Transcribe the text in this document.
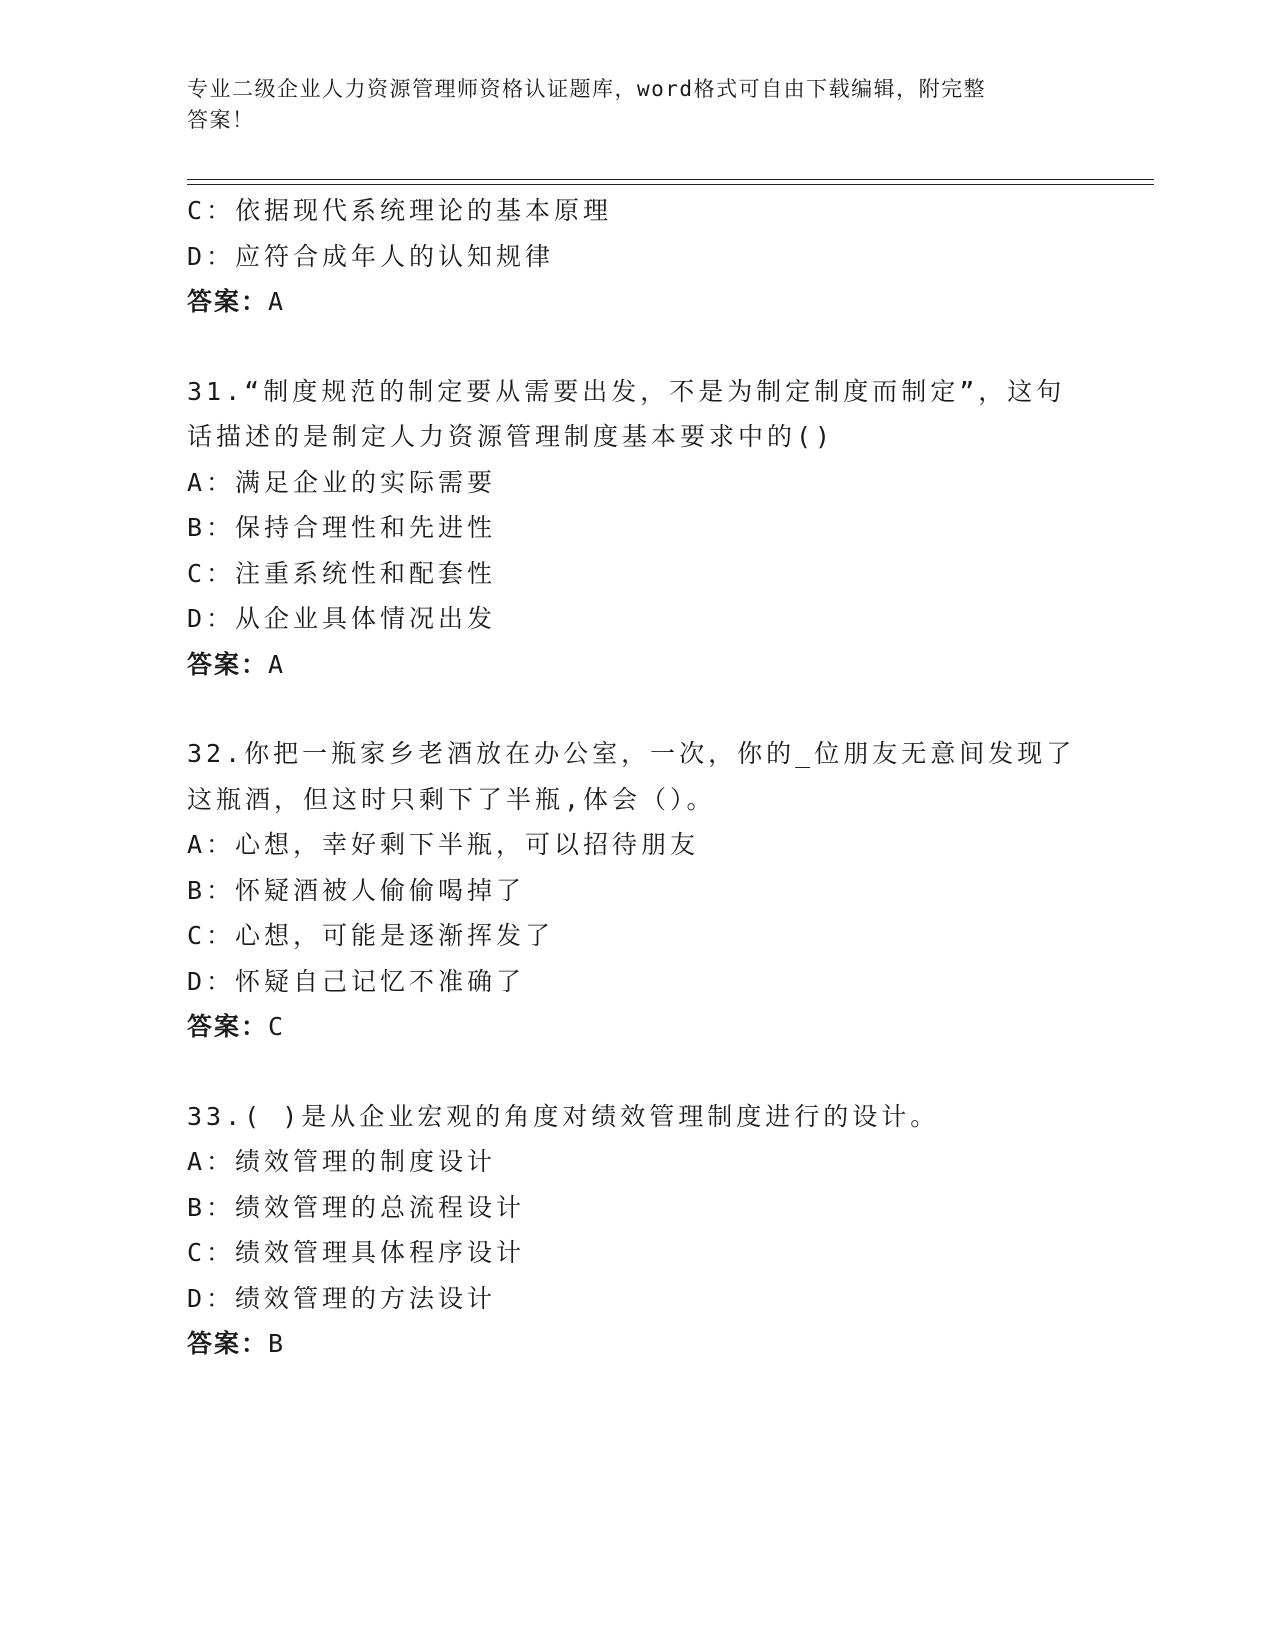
专业二级企业人力资源管理师资格认证题库，word格式可自由下载编辑，附完整
答案！
C：依据现代系统理论的基本原理
D：应符合成年人的认知规律
答案：A
31.“制度规范的制定要从需要出发，不是为制定制度而制定”，这句
话描述的是制定人力资源管理制度基本要求中的()
A：满足企业的实际需要
B：保持合理性和先进性
C：注重系统性和配套性
D：从企业具体情况出发
答案：A
32.你把一瓶家乡老酒放在办公室，一次，你的_位朋友无意间发现了
这瓶酒，但这时只剩下了半瓶,体会（）。
A：心想，幸好剩下半瓶，可以招待朋友
B：怀疑酒被人偷偷喝掉了
C：心想，可能是逐渐挥发了
D：怀疑自己记忆不准确了
答案：C
33.( )是从企业宏观的角度对绩效管理制度进行的设计。
A：绩效管理的制度设计
B：绩效管理的总流程设计
C：绩效管理具体程序设计
D：绩效管理的方法设计
答案：B
